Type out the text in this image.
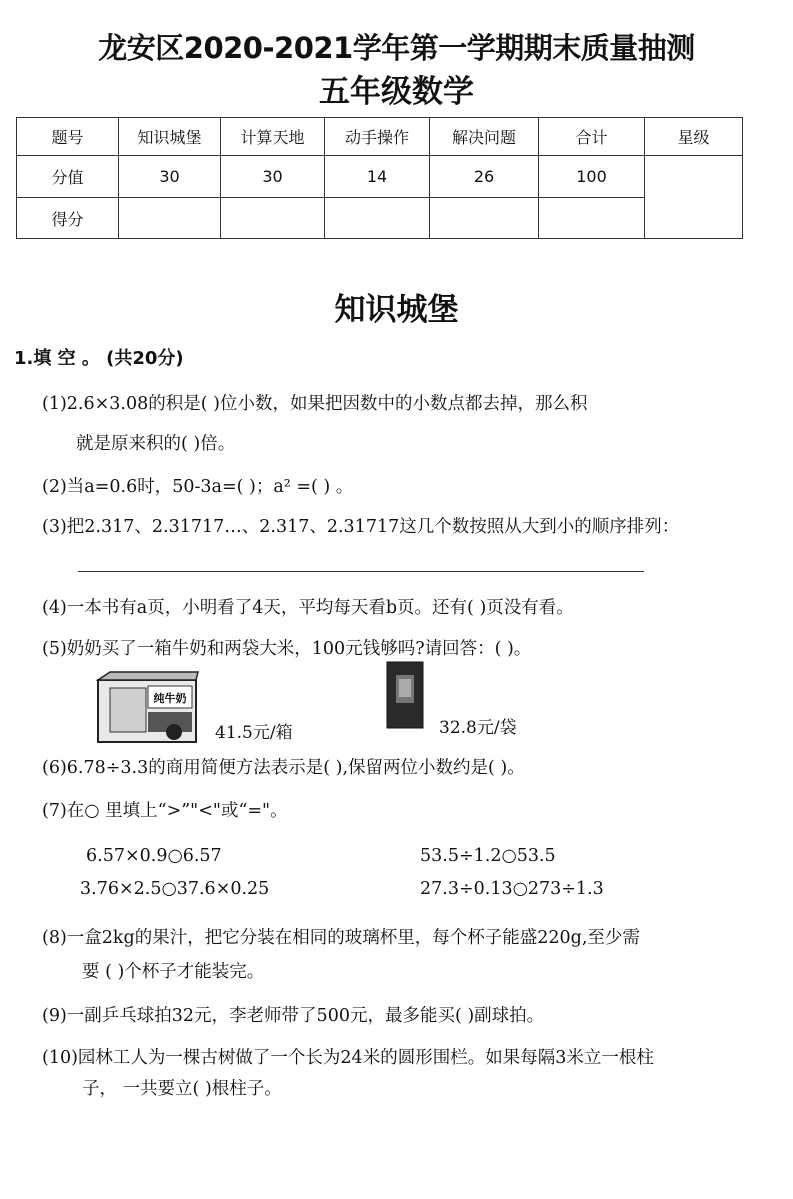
龙安区2020-2021学年第一学期期末质量抽测
五年级数学
题号	知识城堡	计算天地	动手操作	解决问题	合计	星级
分值	30	30	14	26	100	
得分						
知识城堡
1.填 空 。 (共20分)
(1)2.6×3.08的积是( )位小数，如果把因数中的小数点都去掉，那么积
就是原来积的( )倍。
(2)当a=0.6时，50-3a=( )；a² =( ) 。
(3)把2.317、2.31717…、2.317、2.31717这几个数按照从大到小的顺序排列：
(4)一本书有a页，小明看了4天，平均每天看b页。还有( )页没有看。
(5)奶奶买了一箱牛奶和两袋大米，100元钱够吗?请回答：( )。
纯牛奶
41.5元/箱	32.8元/袋
(6)6.78÷3.3的商用简便方法表示是( ),保留两位小数约是( )。
(7)在○ 里填上“>”"<"或“="。
6.57×0.9○6.57	53.5÷1.2○53.5
3.76×2.5○37.6×0.25	27.3÷0.13○273÷1.3
(8)一盒2kg的果汁，把它分装在相同的玻璃杯里，每个杯子能盛220g,至少需
要 ( )个杯子才能装完。
(9)一副乒乓球拍32元，李老师带了500元，最多能买( )副球拍。
(10)园林工人为一棵古树做了一个长为24米的圆形围栏。如果每隔3米立一根柱
子， 一共要立( )根柱子。
